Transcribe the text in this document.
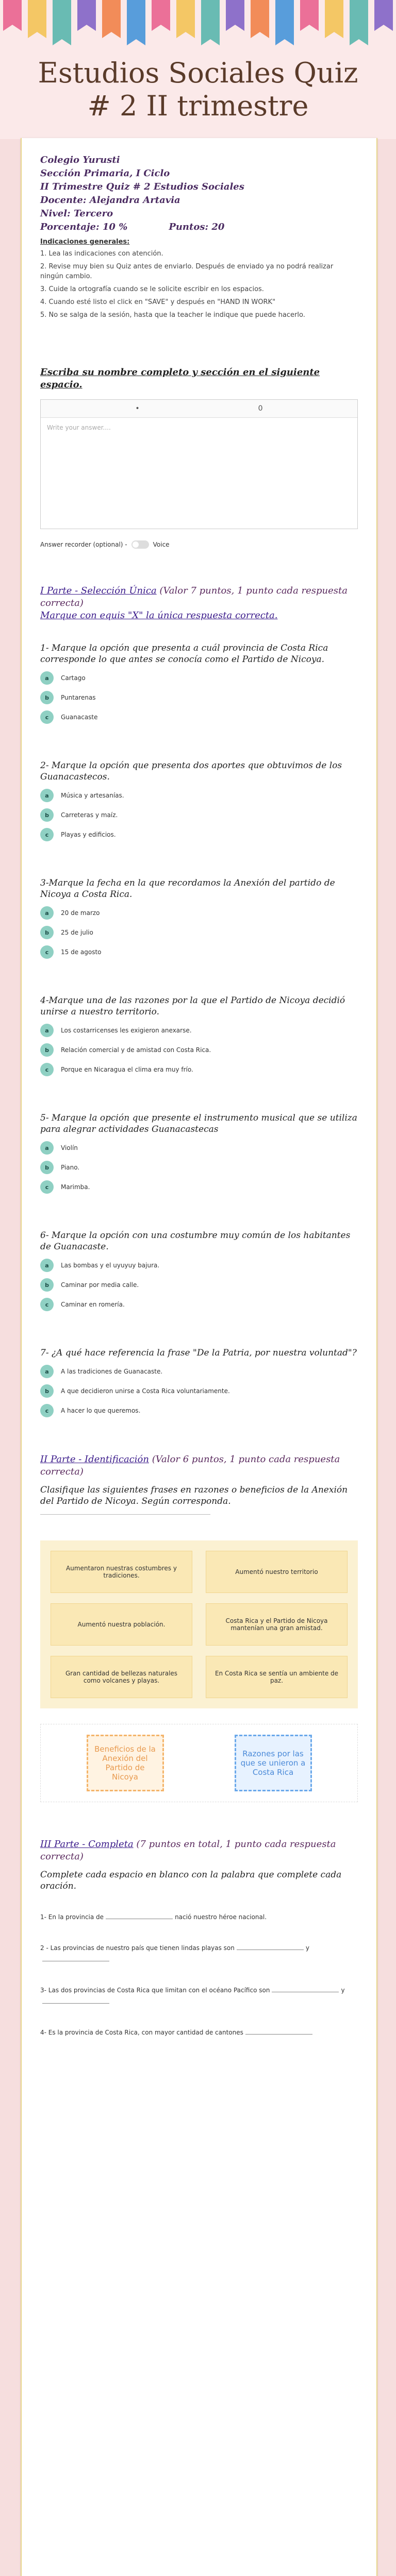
Estudios Sociales Quiz
# 2 II trimestre
Colegio Yurusti
Sección Primaria, I Ciclo
II Trimestre Quiz # 2 Estudios Sociales
Docente: Alejandra Artavia
Nivel: Tercero
Porcentaje: 10 %	Puntos: 20
Indicaciones generales:
1. Lea las indicaciones con atención.
2. Revise muy bien su Quiz antes de enviarlo. Después de enviado ya no podrá realizar ningún cambio.
3. Cuide la ortografía cuando se le solicite escribir en los espacios.
4. Cuando esté listo el click en "SAVE" y después en "HAND IN WORK"
5. No se salga de la sesión, hasta que la teacher le indique que puede hacerlo.
Escriba su nombre completo y sección en el siguiente espacio.
•	0
Write your answer....
Answer recorder (optional) -	Voice
I Parte - Selección Única (Valor 7 puntos, 1 punto cada respuesta correcta)
Marque con equis "X" la única respuesta correcta.
1- Marque la opción que presenta a cuál provincia de Costa Rica corresponde lo que antes se conocía como el Partido de Nicoya.
a	Cartago
b	Puntarenas
c	Guanacaste
2- Marque la opción que presenta dos aportes que obtuvimos de los Guanacastecos.
a	Música y artesanías.
b	Carreteras y maíz.
c	Playas y edificios.
3-Marque la fecha en la que recordamos la Anexión del partido de Nicoya a Costa Rica.
a	20 de marzo
b	25 de julio
c	15 de agosto
4-Marque una de las razones por la que el Partido de Nicoya decidió unirse a nuestro territorio.
a	Los costarricenses les exigieron anexarse.
b	Relación comercial y de amistad con Costa Rica.
c	Porque en Nicaragua el clima era muy frío.
5- Marque la opción que presente el instrumento musical que se utiliza para alegrar actividades Guanacastecas
a	Violín
b	Piano.
c	Marimba.
6- Marque la opción con una costumbre muy común de los habitantes de Guanacaste.
a	Las bombas y el uyuyuy bajura.
b	Caminar por media calle.
c	Caminar en romería.
7- ¿A qué hace referencia la frase "De la Patria, por nuestra voluntad"?
a	A las tradiciones de Guanacaste.
b	A que decidieron unirse a Costa Rica voluntariamente.
c	A hacer lo que queremos.
II Parte - Identificación (Valor 6 puntos, 1 punto cada respuesta correcta)
Clasifique las siguientes frases en razones o beneficios de la Anexión del Partido de Nicoya. Según corresponda.
Aumentaron nuestras costumbres y tradiciones.	Aumentó nuestro territorio
Aumentó nuestra población.	Costa Rica y el Partido de Nicoya mantenían una gran amistad.
Gran cantidad de bellezas naturales como volcanes y playas.
En Costa Rica se sentía un ambiente de paz.
Beneficios de la Anexión del Partido de Nicoya
Razones por las que se unieron a Costa Rica
III Parte - Completa (7 puntos en total, 1 punto cada respuesta correcta)
Complete cada espacio en blanco con la palabra que complete cada oración.
1- En la provincia de	nació nuestro héroe nacional.
2 - Las provincias de nuestro país que tienen lindas playas son	y
3- Las dos provincias de Costa Rica que limitan con el océano Pacífico son	y
4- Es la provincia de Costa Rica, con mayor cantidad de cantones
